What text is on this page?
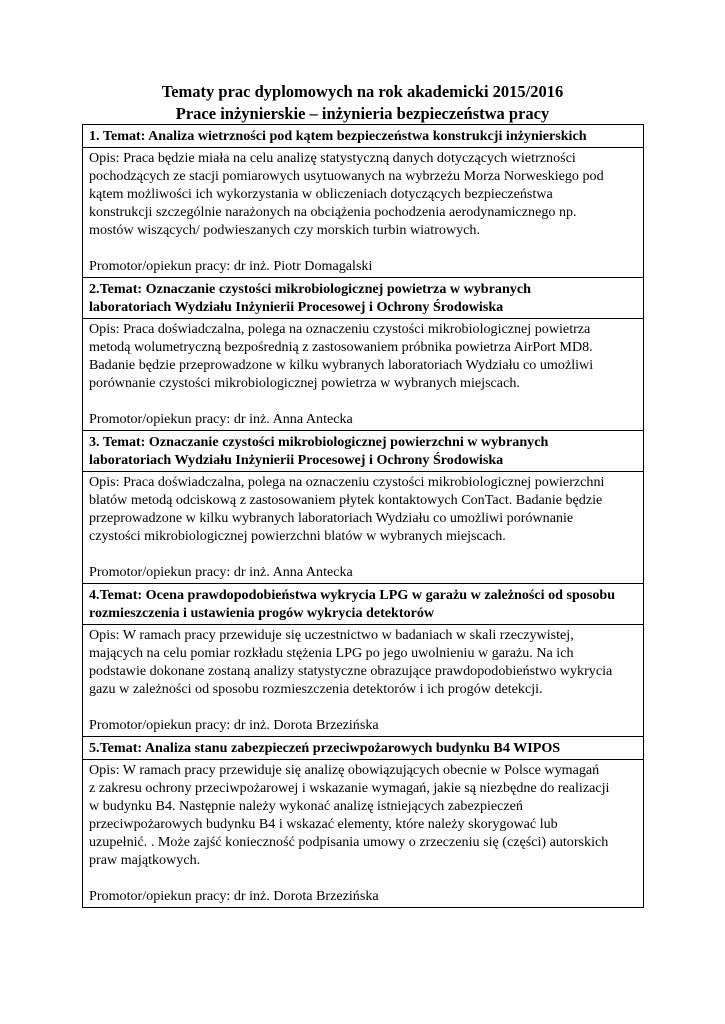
Tematy prac dyplomowych na rok akademicki 2015/2016
Prace inżynierskie – inżynieria bezpieczeństwa pracy
1. Temat: Analiza wietrzności pod kątem bezpieczeństwa konstrukcji inżynierskich

Opis: Praca będzie miała na celu analizę statystyczną danych dotyczących wietrzności
pochodzących ze stacji pomiarowych usytuowanych na wybrzeżu Morza Norweskiego pod
kątem możliwości ich wykorzystania w obliczeniach dotyczących bezpieczeństwa
konstrukcji szczególnie narażonych na obciążenia pochodzenia aerodynamicznego np.
mostów wiszących/ podwieszanych czy morskich turbin wiatrowych.
Promotor/opiekun pracy: dr inż. Piotr Domagalski

2.Temat: Oznaczanie czystości mikrobiologicznej powietrza w wybranych
laboratoriach Wydziału Inżynierii Procesowej i Ochrony Środowiska

Opis: Praca doświadczalna, polega na oznaczeniu czystości mikrobiologicznej powietrza
metodą wolumetryczną bezpośrednią z zastosowaniem próbnika powietrza AirPort MD8.
Badanie będzie przeprowadzone w kilku wybranych laboratoriach Wydziału co umożliwi
porównanie czystości mikrobiologicznej powietrza w wybranych miejscach.
Promotor/opiekun pracy: dr inż. Anna Antecka

3. Temat: Oznaczanie czystości mikrobiologicznej powierzchni w wybranych
laboratoriach Wydziału Inżynierii Procesowej i Ochrony Środowiska

Opis: Praca doświadczalna, polega na oznaczeniu czystości mikrobiologicznej powierzchni
blatów metodą odciskową z zastosowaniem płytek kontaktowych ConTact. Badanie będzie
przeprowadzone w kilku wybranych laboratoriach Wydziału co umożliwi porównanie
czystości mikrobiologicznej powierzchni blatów w wybranych miejscach.
Promotor/opiekun pracy: dr inż. Anna Antecka

4.Temat: Ocena prawdopodobieństwa wykrycia LPG w garażu w zależności od sposobu
rozmieszczenia i ustawienia progów wykrycia detektorów

Opis: W ramach pracy przewiduje się uczestnictwo w badaniach w skali rzeczywistej,
mających na celu pomiar rozkładu stężenia LPG po jego uwolnieniu w garażu. Na ich
podstawie dokonane zostaną analizy statystyczne obrazujące prawdopodobieństwo wykrycia
gazu w zależności od sposobu rozmieszczenia detektorów i ich progów detekcji.
Promotor/opiekun pracy: dr inż. Dorota Brzezińska

5.Temat: Analiza stanu zabezpieczeń przeciwpożarowych budynku B4 WIPOS

Opis: W ramach pracy przewiduje się analizę obowiązujących obecnie w Polsce wymagań
z zakresu ochrony przeciwpożarowej i wskazanie wymagań, jakie są niezbędne do realizacji
w budynku B4. Następnie należy wykonać analizę istniejących zabezpieczeń
przeciwpożarowych budynku B4 i wskazać elementy, które należy skorygować lub
uzupełnić. . Może zajść konieczność podpisania umowy o zrzeczeniu się (części) autorskich
praw majątkowych.
Promotor/opiekun pracy: dr inż. Dorota Brzezińska
